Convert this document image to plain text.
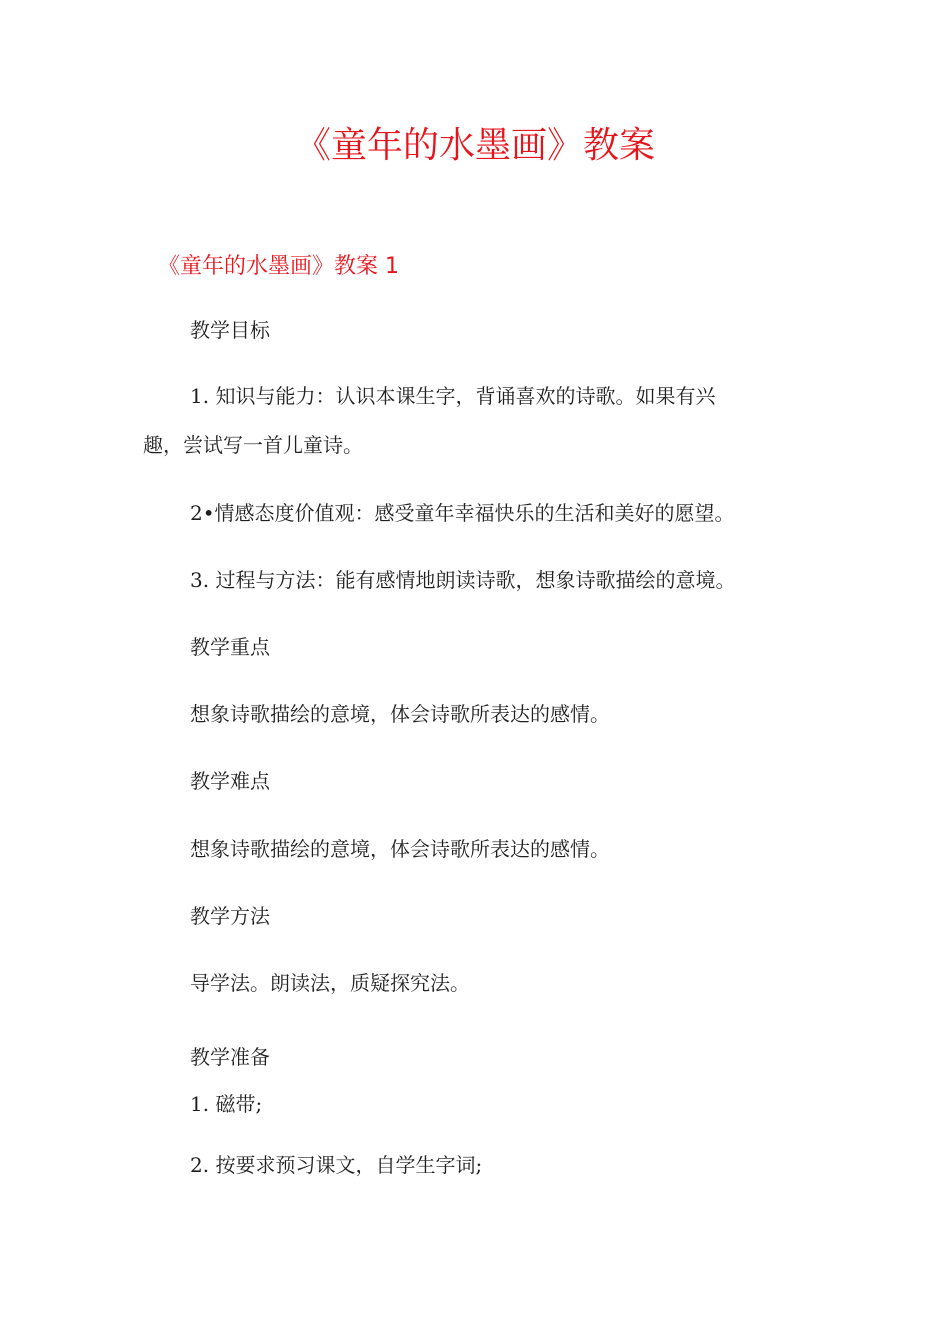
《童年的水墨画》教案
《童年的水墨画》教案 1

教学目标

1. 知识与能力：认识本课生字，背诵喜欢的诗歌。如果有兴

趣，尝试写一首儿童诗。

2•情感态度价值观：感受童年幸福快乐的生活和美好的愿望。

3. 过程与方法：能有感情地朗读诗歌，想象诗歌描绘的意境。

教学重点

想象诗歌描绘的意境，体会诗歌所表达的感情。

教学难点

想象诗歌描绘的意境，体会诗歌所表达的感情。

教学方法

导学法。朗读法，质疑探究法。

教学准备

1. 磁带;

2. 按要求预习课文，自学生字词;
